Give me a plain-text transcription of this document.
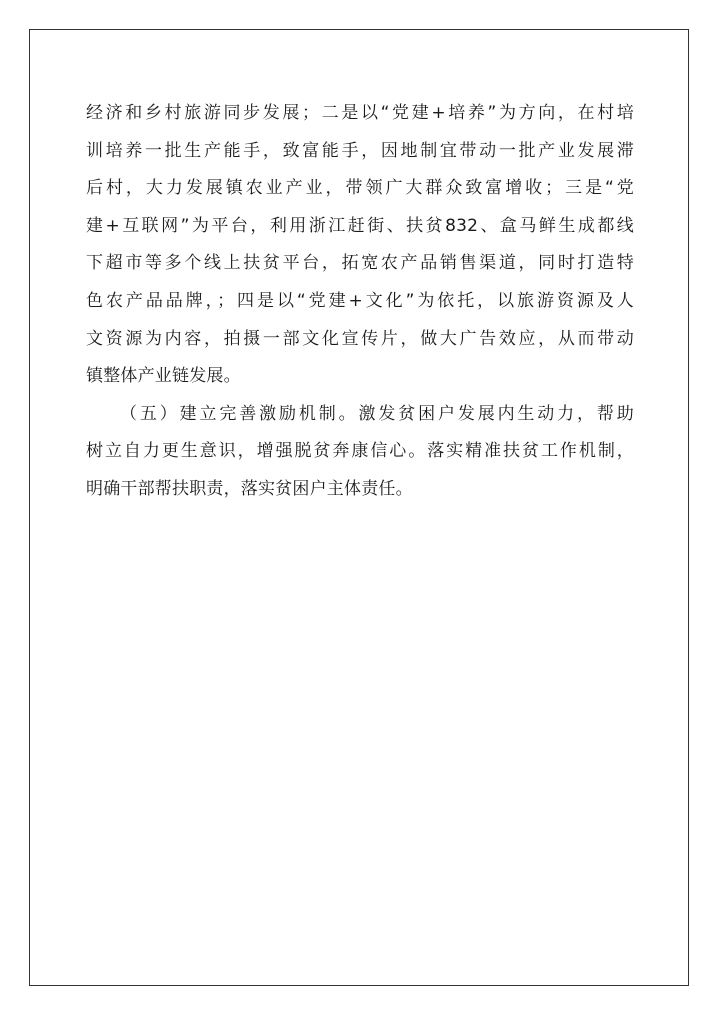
经济和乡村旅游同步发展；二是以“党建+培养”为方向，在村培
训培养一批生产能手，致富能手，因地制宜带动一批产业发展滞
后村，大力发展镇农业产业，带领广大群众致富增收；三是“党
建+互联网”为平台，利用浙江赶街、扶贫832、盒马鲜生成都线
下超市等多个线上扶贫平台，拓宽农产品销售渠道，同时打造特
色农产品品牌，；四是以“党建+文化”为依托，以旅游资源及人
文资源为内容，拍摄一部文化宣传片，做大广告效应，从而带动
镇整体产业链发展。
（五）建立完善激励机制。激发贫困户发展内生动力，帮助
树立自力更生意识，增强脱贫奔康信心。落实精准扶贫工作机制，
明确干部帮扶职责，落实贫困户主体责任。
